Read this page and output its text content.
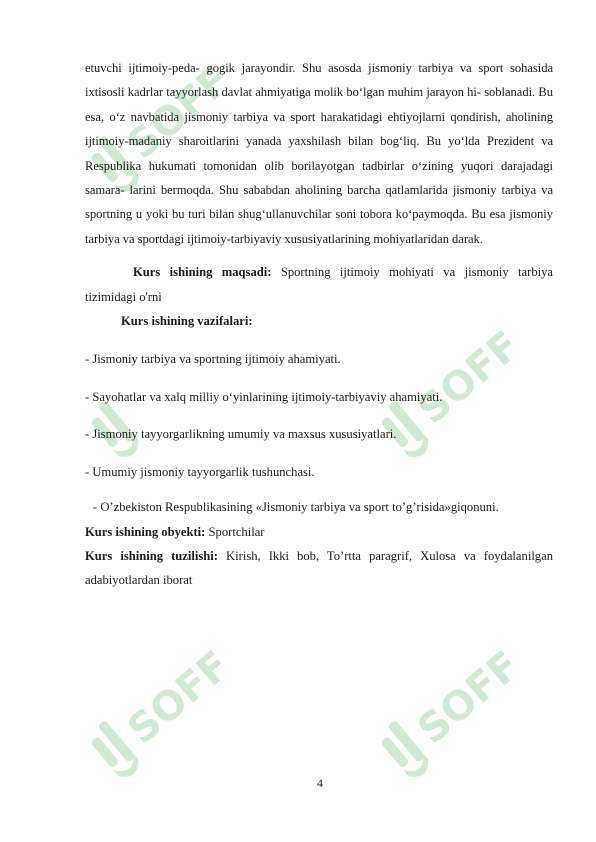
SOFF
SOFF
SOFF	SOFF

etuvchi ijtimoiy-peda- gogik jarayondir. Shu asosda jismoniy tarbiya va sport sohasida ixtisosli kadrlar tayyorlash davlat ahmiyatiga molik bo‘lgan muhim jarayon hi- soblanadi. Bu esa, o‘z navbatida jismoniy tarbiya va sport harakatidagi ehtiyojlarni qondirish, aholining ijtimoiy-madaniy sharoitlarini yanada yaxshilash bilan bog‘liq. Bu yo‘lda Prezident va Respublika hukumati tomonidan olib borilayotgan tadbirlar o‘zining yuqori darajadagi samara- larini bermoqda. Shu sababdan aholining barcha qatlamlarida jismoniy tarbiya va sportning u yoki bu turi bilan shug‘ullanuvchilar soni tobora ko‘paymoqda. Bu esa jismoniy tarbiya va sportdagi ijtimoiy-tarbiyaviy xususiyatlarining mohiyatlaridan darak.

Kurs ishining maqsadi: Sportning ijtimoiy mohiyati va jismoniy tarbiya tizimidagi o'rni

Kurs ishining vazifalari:

- Jismoniy tarbiya va sportning ijtimoiy ahamiyati.

- Sayohatlar va xalq milliy o‘yinlarining ijtimoiy-tarbiyaviy ahamiyati.

- Jismoniy tayyorgarlikning umumiy va maxsus xususiyatlari.

- Umumiy jismoniy tayyorgarlik tushunchasi.

- O’zbekiston Respublikasining «Jismoniy tarbiya va sport to’g’risida»giqonuni.

Kurs ishining obyekti: Sportchilar

Kurs ishining tuzilishi: Kirish, Ikki bob, To’rtta paragrif, Xulosa va foydalanilgan adabiyotlardan iborat

4
